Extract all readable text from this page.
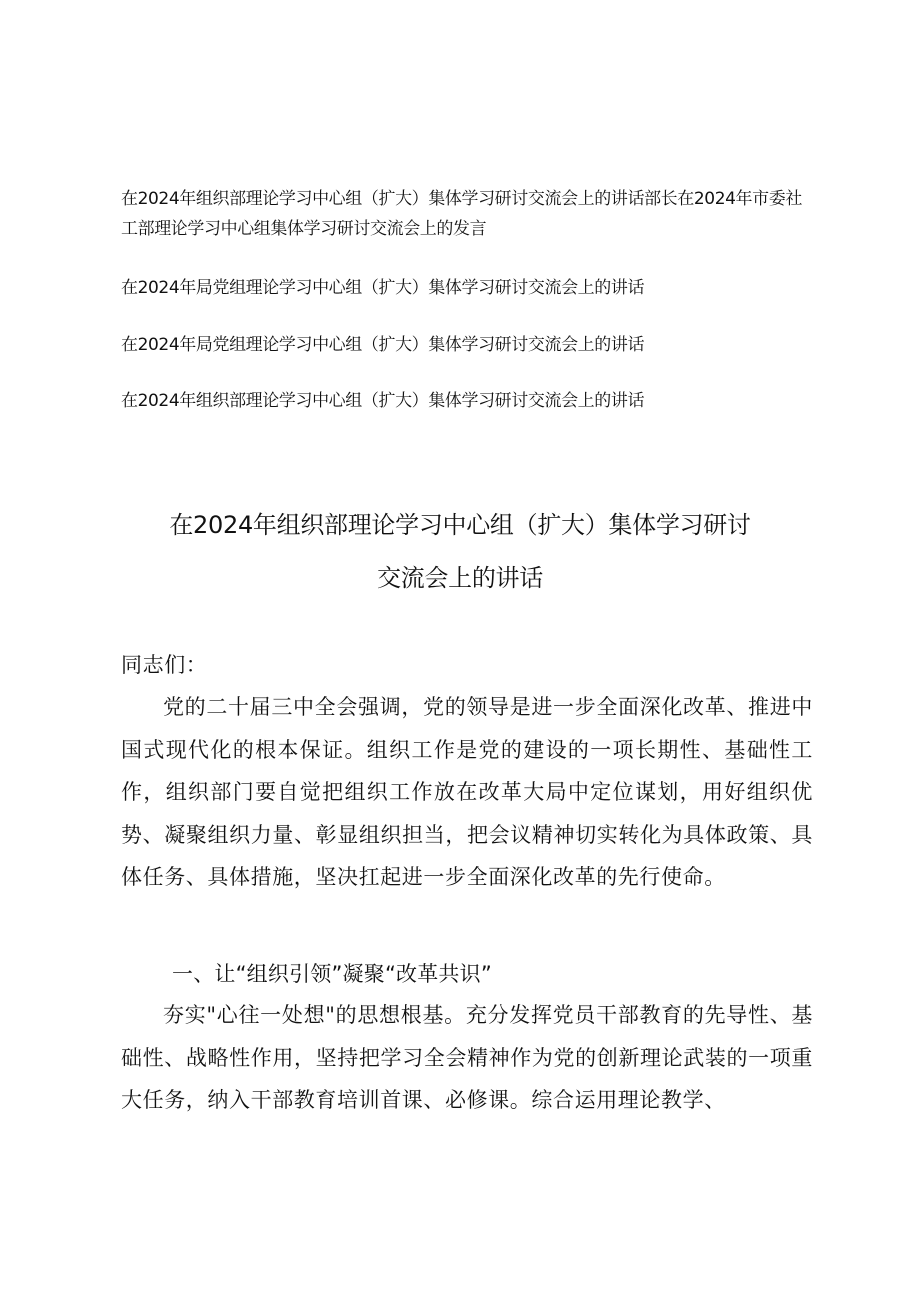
在2024年组织部理论学习中心组（扩大）集体学习研讨交流会上的讲话部长在2024年市委社工部理论学习中心组集体学习研讨交流会上的发言
在2024年局党组理论学习中心组（扩大）集体学习研讨交流会上的讲话
在2024年局党组理论学习中心组（扩大）集体学习研讨交流会上的讲话
在2024年组织部理论学习中心组（扩大）集体学习研讨交流会上的讲话
在2024年组织部理论学习中心组（扩大）集体学习研讨
交流会上的讲话
同志们：
党的二十届三中全会强调，党的领导是进一步全面深化改革、推进中国式现代化的根本保证。组织工作是党的建设的一项长期性、基础性工作，组织部门要自觉把组织工作放在改革大局中定位谋划，用好组织优势、凝聚组织力量、彰显组织担当，把会议精神切实转化为具体政策、具体任务、具体措施，坚决扛起进一步全面深化改革的先行使命。
一、让“组织引领”凝聚“改革共识”
夯实"心往一处想"的思想根基。充分发挥党员干部教育的先导性、基础性、战略性作用，坚持把学习全会精神作为党的创新理论武装的一项重大任务，纳入干部教育培训首课、必修课。综合运用理论教学、
